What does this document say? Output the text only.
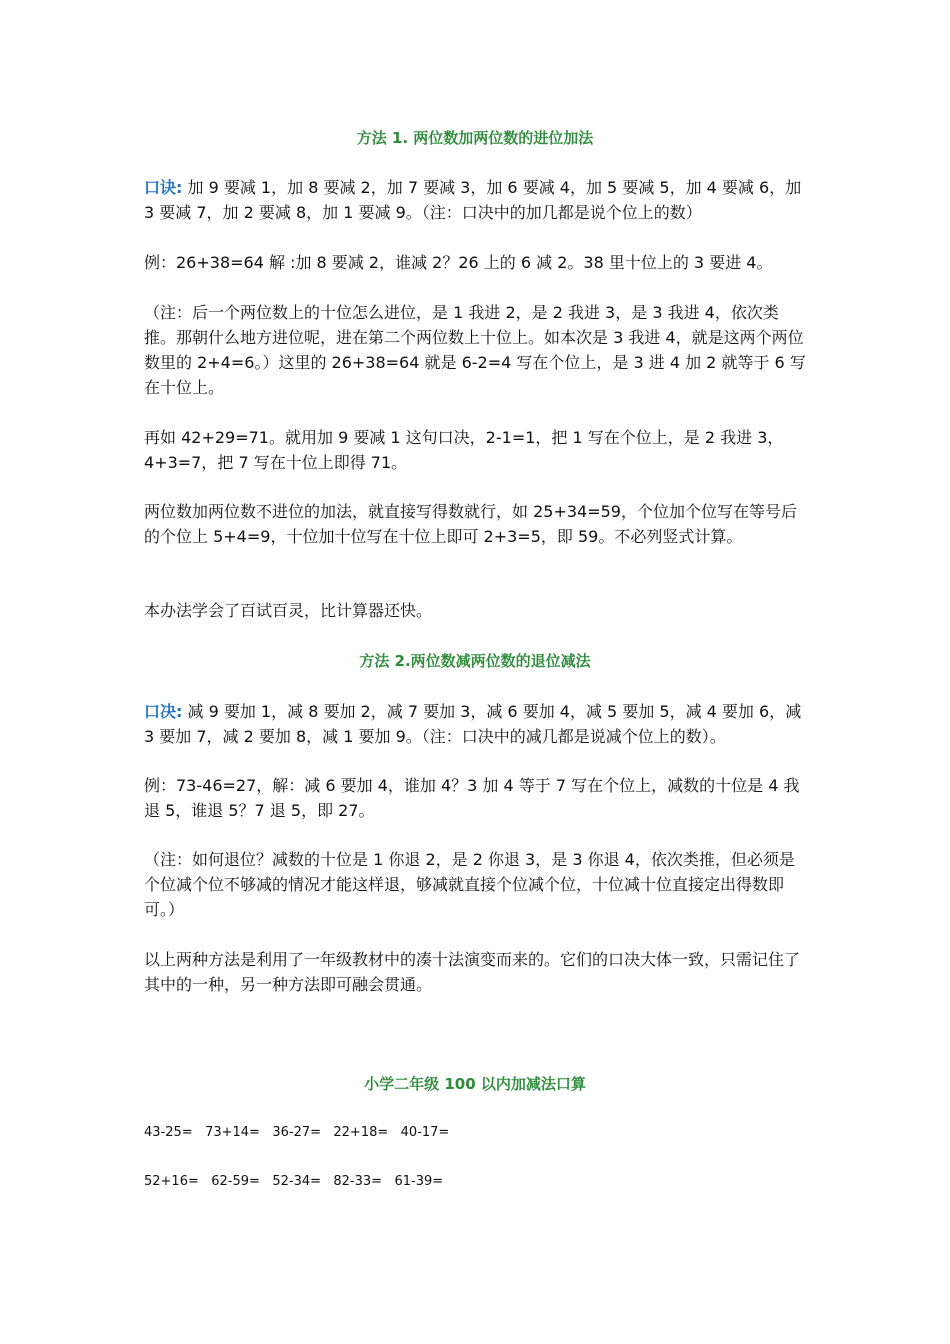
方法 1. 两位数加两位数的进位加法

口诀: 加 9 要减 1，加 8 要减 2，加 7 要减 3，加 6 要减 4，加 5 要减 5，加 4 要减 6，加 3 要减 7，加 2 要减 8，加 1 要减 9。（注：口决中的加几都是说个位上的数）

例：26+38=64 解 :加 8 要减 2，谁减 2？26 上的 6 减 2。38 里十位上的 3 要进 4。

（注：后一个两位数上的十位怎么进位，是 1 我进 2，是 2 我进 3，是 3 我进 4，依次类推。那朝什么地方进位呢，进在第二个两位数上十位上。如本次是 3 我进 4，就是这两个两位数里的 2+4=6。）这里的 26+38=64 就是 6-2=4 写在个位上，是 3 进 4 加 2 就等于 6 写在十位上。

再如 42+29=71。就用加 9 要减 1 这句口决，2-1=1，把 1 写在个位上，是 2 我进 3，4+3=7，把 7 写在十位上即得 71。

两位数加两位数不进位的加法，就直接写得数就行，如 25+34=59，个位加个位写在等号后的个位上 5+4=9，十位加十位写在十位上即可 2+3=5，即 59。不必列竖式计算。

本办法学会了百试百灵，比计算器还快。

方法 2.两位数减两位数的退位减法

口决: 减 9 要加 1，减 8 要加 2，减 7 要加 3，减 6 要加 4，减 5 要加 5，减 4 要加 6，减 3 要加 7，减 2 要加 8，减 1 要加 9。（注：口决中的减几都是说减个位上的数）。

例：73-46=27，解：减 6 要加 4，谁加 4？3 加 4 等于 7 写在个位上，减数的十位是 4 我退 5，谁退 5？7 退 5，即 27。

（注：如何退位？减数的十位是 1 你退 2，是 2 你退 3，是 3 你退 4，依次类推，但必须是个位减个位不够减的情况才能这样退，够减就直接个位减个位，十位减十位直接定出得数即可。）

以上两种方法是利用了一年级教材中的凑十法演变而来的。它们的口决大体一致，只需记住了其中的一种，另一种方法即可融会贯通。

小学二年级 100 以内加减法口算
43-25=   73+14=   36-27=   22+18=   40-17=
52+16=   62-59=   52-34=   82-33=   61-39=
